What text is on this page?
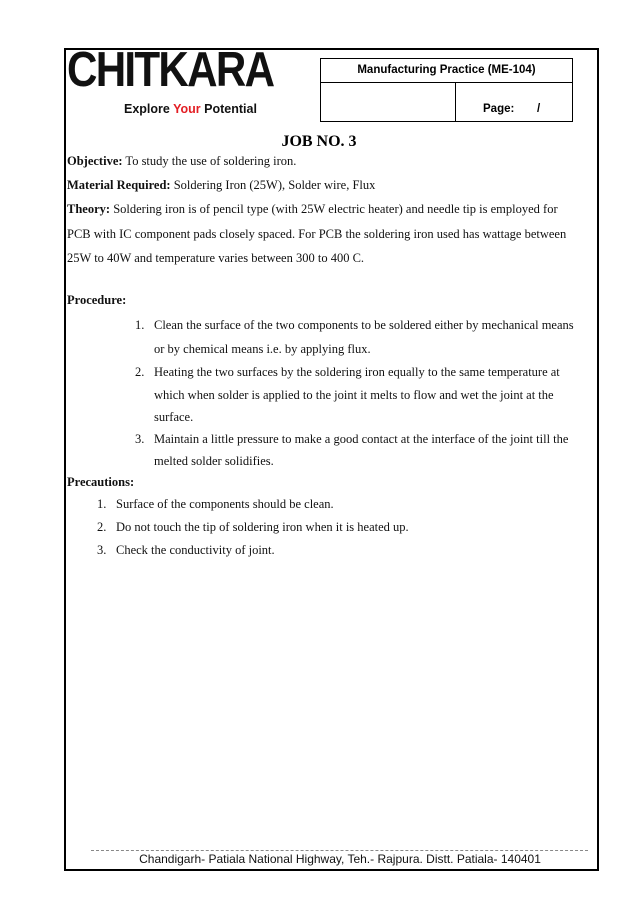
CHITKARA
Explore Your Potential
Manufacturing Practice (ME-104)
Page: /
JOB NO. 3
Objective: To study the use of soldering iron.
Material Required: Soldering Iron (25W), Solder wire, Flux
Theory: Soldering iron is of pencil type (with 25W electric heater) and needle tip is employed for
PCB with IC component pads closely spaced. For PCB the soldering iron used has wattage between
25W to 40W and temperature varies between 300 to 400 C.
Procedure:
1. Clean the surface of the two components to be soldered either by mechanical means
or by chemical means i.e. by applying flux.
2. Heating the two surfaces by the soldering iron equally to the same temperature at
which when solder is applied to the joint it melts to flow and wet the joint at the
surface.
3. Maintain a little pressure to make a good contact at the interface of the joint till the
melted solder solidifies.
Precautions:
1. Surface of the components should be clean.
2. Do not touch the tip of soldering iron when it is heated up.
3. Check the conductivity of joint.
Chandigarh- Patiala National Highway, Teh.- Rajpura. Distt. Patiala- 140401
